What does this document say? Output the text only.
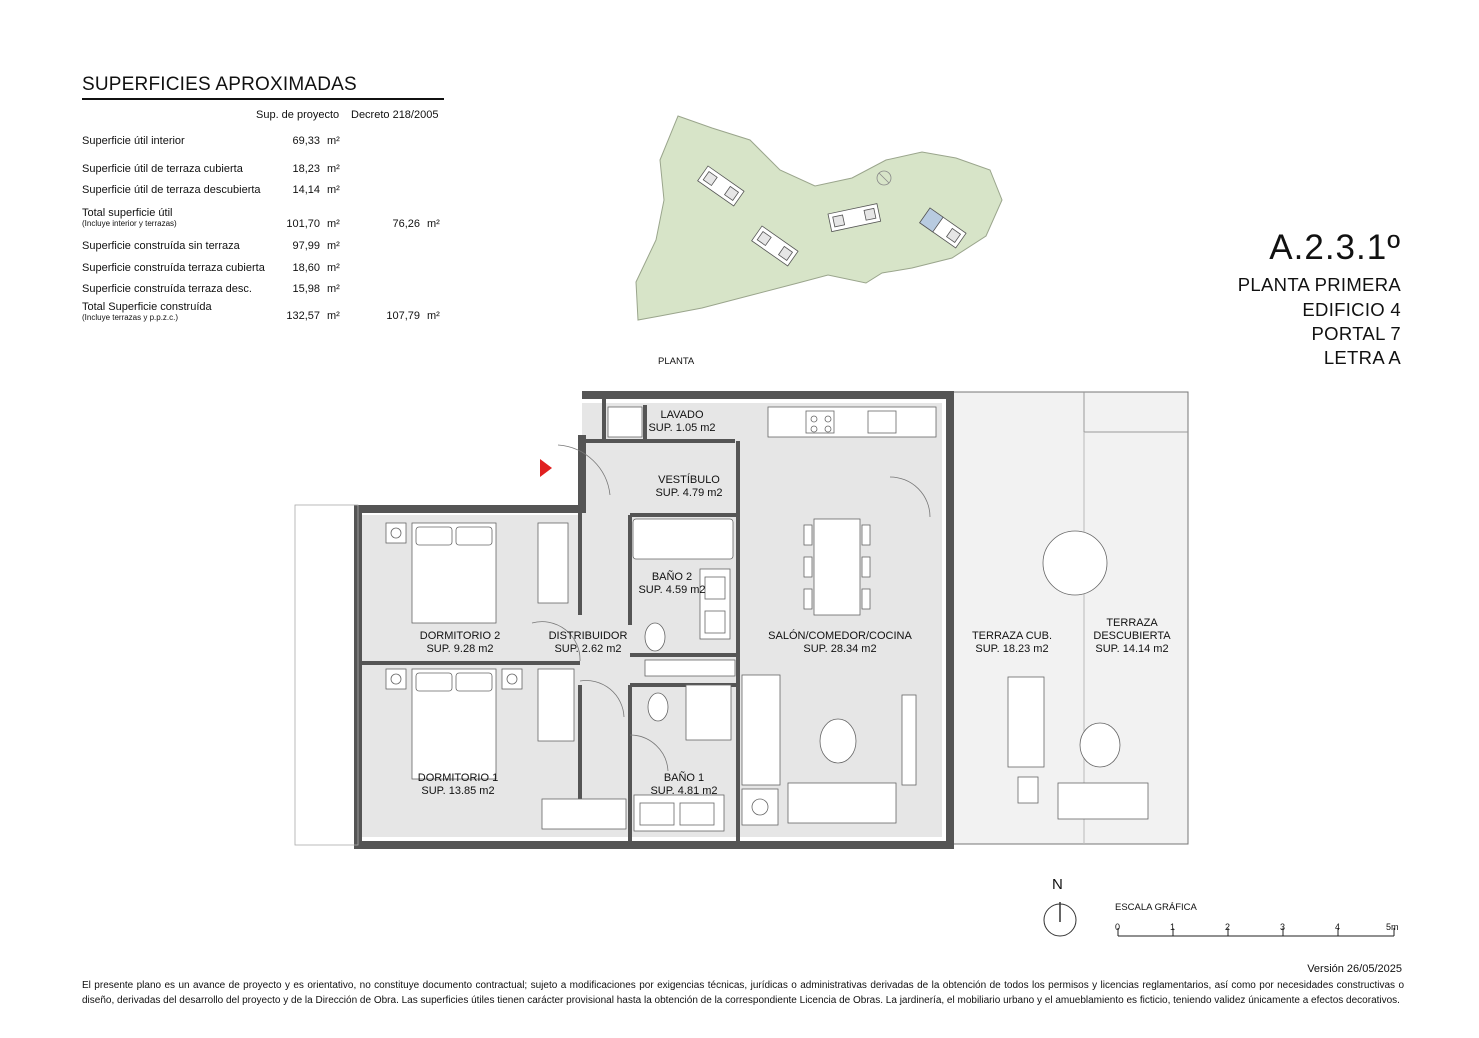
SUPERFICIES APROXIMADAS
Sup. de proyecto Decreto 218/2005
Superficie útil interior	69,33 m²
Superficie útil de terraza cubierta	18,23 m²
Superficie útil de terraza descubierta	14,14 m²
Total superficie útil
(Incluye interior y terrazas)	101,70 m²	76,26 m²
Superficie construída sin terraza	97,99 m²
Superficie construída terraza cubierta	18,60 m²
Superficie construída terraza desc.	15,98 m²
Total Superficie construída
(Incluye terrazas y p.p.z.c.)	132,57 m²	107,79 m²
A.2.3.1º
PLANTA PRIMERA
EDIFICIO 4
PORTAL 7
LETRA A
PLANTA
LAVADO
SUP. 1.05 m2
VESTÍBULO
SUP. 4.79 m2
BAÑO 2
SUP. 4.59 m2
DORMITORIO 2
SUP. 9.28 m2
DISTRIBUIDOR
SUP. 2.62 m2
SALÓN/COMEDOR/COCINA
SUP. 28.34 m2
TERRAZA CUB.
SUP. 18.23 m2
TERRAZA
DESCUBIERTA
SUP. 14.14 m2
DORMITORIO 1
SUP. 13.85 m2
BAÑO 1
SUP. 4.81 m2
N
ESCALA GRÁFICA
0	1	2	3	4	5m
Versión 26/05/2025
El presente plano es un avance de proyecto y es orientativo, no constituye documento contractual; sujeto a modificaciones por exigencias técnicas, jurídicas o administrativas derivadas de la obtención de todos los permisos y licencias reglamentarios, así como por necesidades constructivas o diseño, derivadas del desarrollo del proyecto y de la Dirección de Obra. Las superficies útiles tienen carácter provisional hasta la obtención de la correspondiente Licencia de Obras. La jardinería, el mobiliario urbano y el amueblamiento es ficticio, teniendo validez únicamente a efectos decorativos.
